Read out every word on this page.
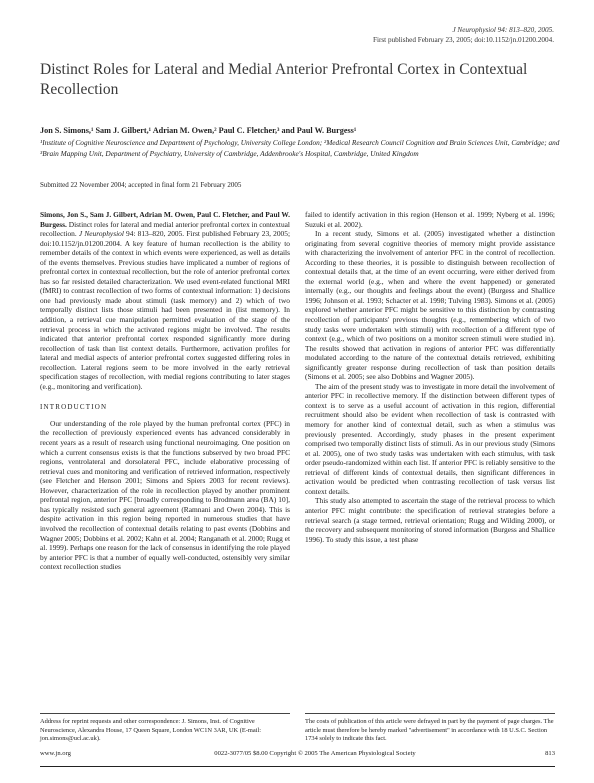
J Neurophysiol 94: 813–820, 2005.
First published February 23, 2005; doi:10.1152/jn.01200.2004.
Distinct Roles for Lateral and Medial Anterior Prefrontal Cortex in Contextual Recollection
Jon S. Simons,¹ Sam J. Gilbert,¹ Adrian M. Owen,² Paul C. Fletcher,³ and Paul W. Burgess¹
¹Institute of Cognitive Neuroscience and Department of Psychology, University College London; ²Medical Research Council Cognition and Brain Sciences Unit, Cambridge; and ³Brain Mapping Unit, Department of Psychiatry, University of Cambridge, Addenbrooke's Hospital, Cambridge, United Kingdom
Submitted 22 November 2004; accepted in final form 21 February 2005

Simons, Jon S., Sam J. Gilbert, Adrian M. Owen, Paul C. Fletcher, and Paul W. Burgess. Distinct roles for lateral and medial anterior prefrontal cortex in contextual recollection. J Neurophysiol 94: 813–820, 2005. First published February 23, 2005; doi:10.1152/jn.01200.2004. A key feature of human recollection is the ability to remember details of the context in which events were experienced, as well as details of the events themselves. Previous studies have implicated a number of regions of prefrontal cortex in contextual recollection, but the role of anterior prefrontal cortex has so far resisted detailed characterization. We used event-related functional MRI (fMRI) to contrast recollection of two forms of contextual information: 1) decisions one had previously made about stimuli (task memory) and 2) which of two temporally distinct lists those stimuli had been presented in (list memory). In addition, a retrieval cue manipulation permitted evaluation of the stage of the retrieval process in which the activated regions might be involved. The results indicated that anterior prefrontal cortex responded significantly more during recollection of task than list context details. Furthermore, activation profiles for lateral and medial aspects of anterior prefrontal cortex suggested differing roles in recollection. Lateral regions seem to be more involved in the early retrieval specification stages of recollection, with medial regions contributing to later stages (e.g., monitoring and verification).

INTRODUCTION

Our understanding of the role played by the human prefrontal cortex (PFC) in the recollection of previously experienced events has advanced considerably in recent years as a result of research using functional neuroimaging. One position on which a current consensus exists is that the functions subserved by two broad PFC regions, ventrolateral and dorsolateral PFC, include elaborative processing of retrieval cues and monitoring and verification of retrieved information, respectively (see Fletcher and Henson 2001; Simons and Spiers 2003 for recent reviews). However, characterization of the role in recollection played by another prominent prefrontal region, anterior PFC [broadly corresponding to Brodmann area (BA) 10], has typically resisted such general agreement (Ramnani and Owen 2004). This is despite activation in this region being reported in numerous studies that have involved the recollection of contextual details relating to past events (Dobbins and Wagner 2005; Dobbins et al. 2002; Kahn et al. 2004; Ranganath et al. 2000; Rugg et al. 1999). Perhaps one reason for the lack of consensus in identifying the role played by anterior PFC is that a number of equally well-conducted, ostensibly very similar context recollection studies

failed to identify activation in this region (Henson et al. 1999; Nyberg et al. 1996; Suzuki et al. 2002).

In a recent study, Simons et al. (2005) investigated whether a distinction originating from several cognitive theories of memory might provide assistance with characterizing the involvement of anterior PFC in the control of recollection. According to these theories, it is possible to distinguish between recollection of contextual details that, at the time of an event occurring, were either derived from the external world (e.g., when and where the event happened) or generated internally (e.g., our thoughts and feelings about the event) (Burgess and Shallice 1996; Johnson et al. 1993; Schacter et al. 1998; Tulving 1983). Simons et al. (2005) explored whether anterior PFC might be sensitive to this distinction by contrasting recollection of participants' previous thoughts (e.g., remembering which of two study tasks were undertaken with stimuli) with recollection of a different type of context (e.g., which of two positions on a monitor screen stimuli were studied in). The results showed that activation in regions of anterior PFC was differentially modulated according to the nature of the contextual details retrieved, exhibiting significantly greater response during recollection of task than position details (Simons et al. 2005; see also Dobbins and Wagner 2005).

The aim of the present study was to investigate in more detail the involvement of anterior PFC in recollective memory. If the distinction between different types of context is to serve as a useful account of activation in this region, differential recruitment should also be evident when recollection of task is contrasted with memory for another kind of contextual detail, such as when a stimulus was previously presented. Accordingly, study phases in the present experiment comprised two temporally distinct lists of stimuli. As in our previous study (Simons et al. 2005), one of two study tasks was undertaken with each stimulus, with task order pseudo-randomized within each list. If anterior PFC is reliably sensitive to the retrieval of different kinds of contextual details, then significant differences in activation would be predicted when contrasting recollection of task versus list context details.

This study also attempted to ascertain the stage of the retrieval process to which anterior PFC might contribute: the specification of retrieval strategies before a retrieval search (a stage termed, retrieval orientation; Rugg and Wilding 2000), or the recovery and subsequent monitoring of stored information (Burgess and Shallice 1996). To study this issue, a test phase

Address for reprint requests and other correspondence: J. Simons, Inst. of Cognitive Neuroscience, Alexandra House, 17 Queen Square, London WC1N 3AR, UK (E-mail: jon.simons@ucl.ac.uk).
The costs of publication of this article were defrayed in part by the payment of page charges. The article must therefore be hereby marked "advertisement" in accordance with 18 U.S.C. Section 1734 solely to indicate this fact.
www.jn.org	0022-3077/05 $8.00 Copyright © 2005 The American Physiological Society	813
